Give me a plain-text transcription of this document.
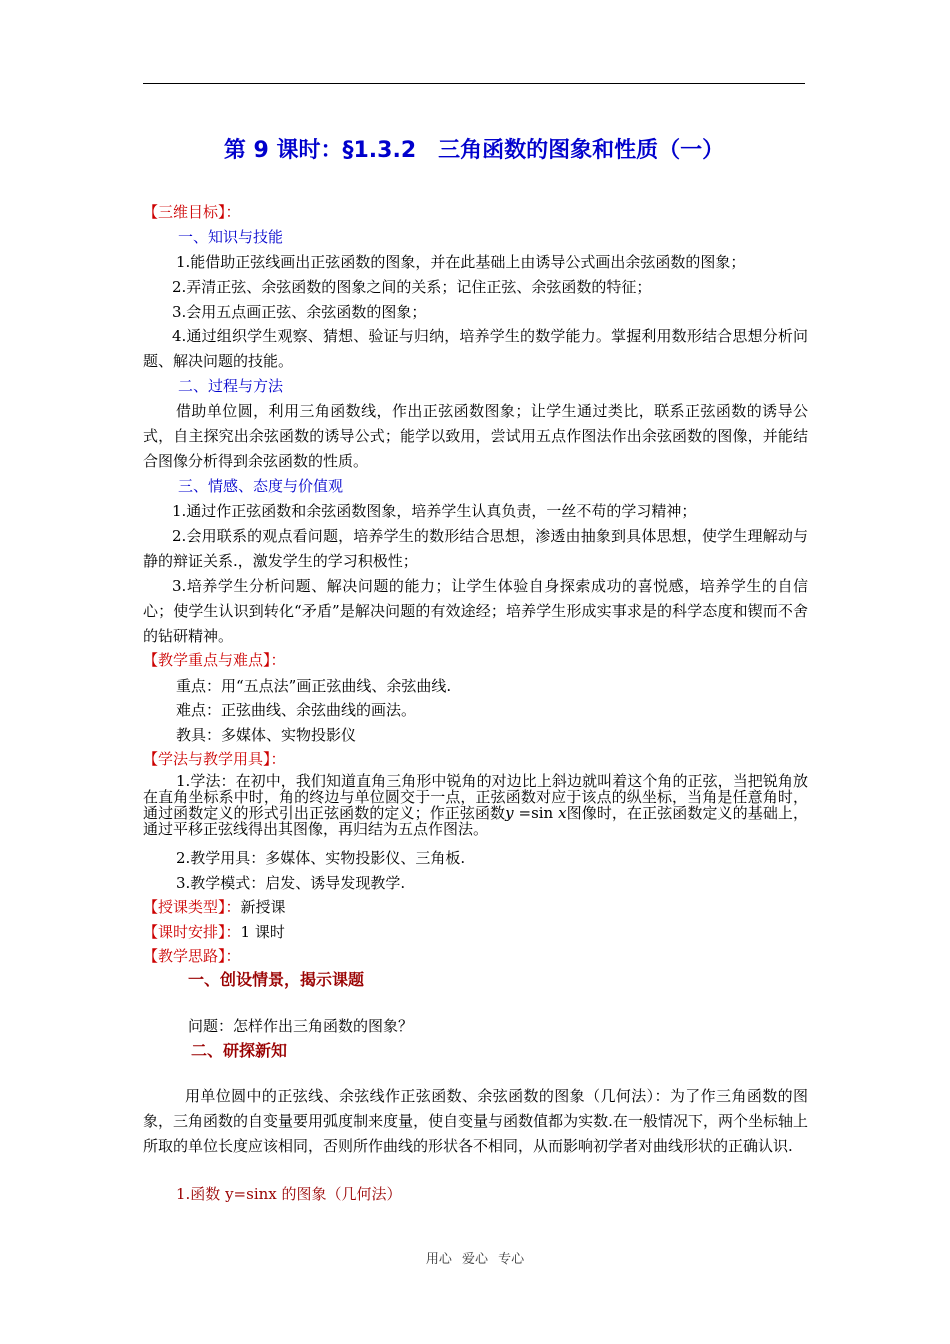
第 9 课时：§1.3.2　三角函数的图象和性质（一）
【三维目标】：
一、知识与技能
1.能借助正弦线画出正弦函数的图象，并在此基础上由诱导公式画出余弦函数的图象；
2.弄清正弦、余弦函数的图象之间的关系；记住正弦、余弦函数的特征；
3.会用五点画正弦、余弦函数的图象；
4.通过组织学生观察、猜想、验证与归纳，培养学生的数学能力。掌握利用数形结合思想分析问题、解决问题的技能。
二、过程与方法
借助单位圆，利用三角函数线，作出正弦函数图象；让学生通过类比，联系正弦函数的诱导公式，自主探究出余弦函数的诱导公式；能学以致用，尝试用五点作图法作出余弦函数的图像，并能结合图像分析得到余弦函数的性质。
三、情感、态度与价值观
1.通过作正弦函数和余弦函数图象，培养学生认真负责，一丝不苟的学习精神；
2.会用联系的观点看问题，培养学生的数形结合思想，渗透由抽象到具体思想，使学生理解动与静的辩证关系.，激发学生的学习积极性；
3.培养学生分析问题、解决问题的能力；让学生体验自身探索成功的喜悦感，培养学生的自信心；使学生认识到转化“矛盾”是解决问题的有效途经；培养学生形成实事求是的科学态度和锲而不舍的钻研精神。
【教学重点与难点】：
重点：用“五点法”画正弦曲线、余弦曲线.
难点：正弦曲线、余弦曲线的画法。
教具：多媒体、实物投影仪
【学法与教学用具】：
1.学法：在初中，我们知道直角三角形中锐角的对边比上斜边就叫着这个角的正弦，当把锐角放在直角坐标系中时，角的终边与单位圆交于一点，正弦函数对应于该点的纵坐标，当角是任意角时，通过函数定义的形式引出正弦函数的定义；作正弦函数y =sin x图像时，在正弦函数定义的基础上，通过平移正弦线得出其图像，再归结为五点作图法。
2.教学用具：多媒体、实物投影仪、三角板.
3.教学模式：启发、诱导发现教学.
【授课类型】：新授课
【课时安排】：1 课时
【教学思路】：
一、创设情景，揭示课题
问题：怎样作出三角函数的图象？
二、研探新知
用单位圆中的正弦线、余弦线作正弦函数、余弦函数的图象（几何法）：为了作三角函数的图象，三角函数的自变量要用弧度制来度量，使自变量与函数值都为实数.在一般情况下，两个坐标轴上所取的单位长度应该相同，否则所作曲线的形状各不相同，从而影响初学者对曲线形状的正确认识.
1.函数 y=sinx 的图象（几何法）
用心 爱心 专心
